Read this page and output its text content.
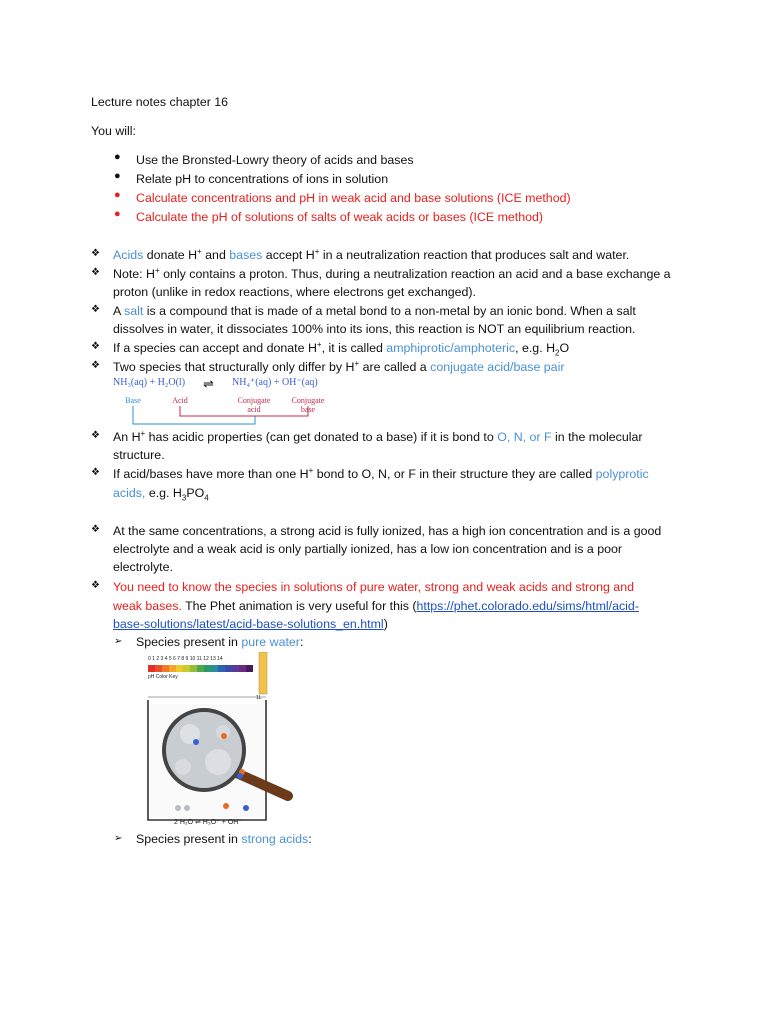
Lecture notes chapter 16
You will:
● Use the Bronsted-Lowry theory of acids and bases
● Relate pH to concentrations of ions in solution
● Calculate concentrations and pH in weak acid and base solutions (ICE method)
● Calculate the pH of solutions of salts of weak acids or bases (ICE method)
❖ Acids donate H+ and bases accept H+ in a neutralization reaction that produces salt and water.
❖ Note: H+ only contains a proton. Thus, during a neutralization reaction an acid and a base exchange a
proton (unlike in redox reactions, where electrons get exchanged).
❖ A salt is a compound that is made of a metal bond to a non-metal by an ionic bond. When a salt
dissolves in water, it dissociates 100% into its ions, this reaction is NOT an equilibrium reaction.
❖ If a species can accept and donate H+, it is called amphiprotic/amphoteric, e.g. $H_2O$
❖ Two species that structurally only differ by H+ are called a conjugate acid/base pair
NH₃(aq) + H₂O(l) ⇌ NH₄⁺(aq) + OH⁻(aq)
Base	Acid	Conjugate acid
Conjugate base
❖ An H+ has acidic properties (can get donated to a base) if it is bond to O, N, or F in the molecular
structure.
❖ If acid/bases have more than one H+ bond to O, N, or F in their structure they are called polyprotic
acids, e.g. $H_3PO_4$
❖ At the same concentrations, a strong acid is fully ionized, has a high ion concentration and is a good
electrolyte and a weak acid is only partially ionized, has a low ion concentration and is a poor
electrolyte.
❖ You need to know the species in solutions of pure water, strong and weak acids and strong and
weak bases. The Phet animation is very useful for this (https://phet.colorado.edu/sims/html/acid-
base-solutions/latest/acid-base-solutions_en.html)
➢ Species present in pure water:
0 1 2 3 4 5 6 7 8 9 10 11 12 13 14
pH Color Key
1L
2 H₂O ⇌ H₃O⁺ + OH⁻
➢ Species present in strong acids:
